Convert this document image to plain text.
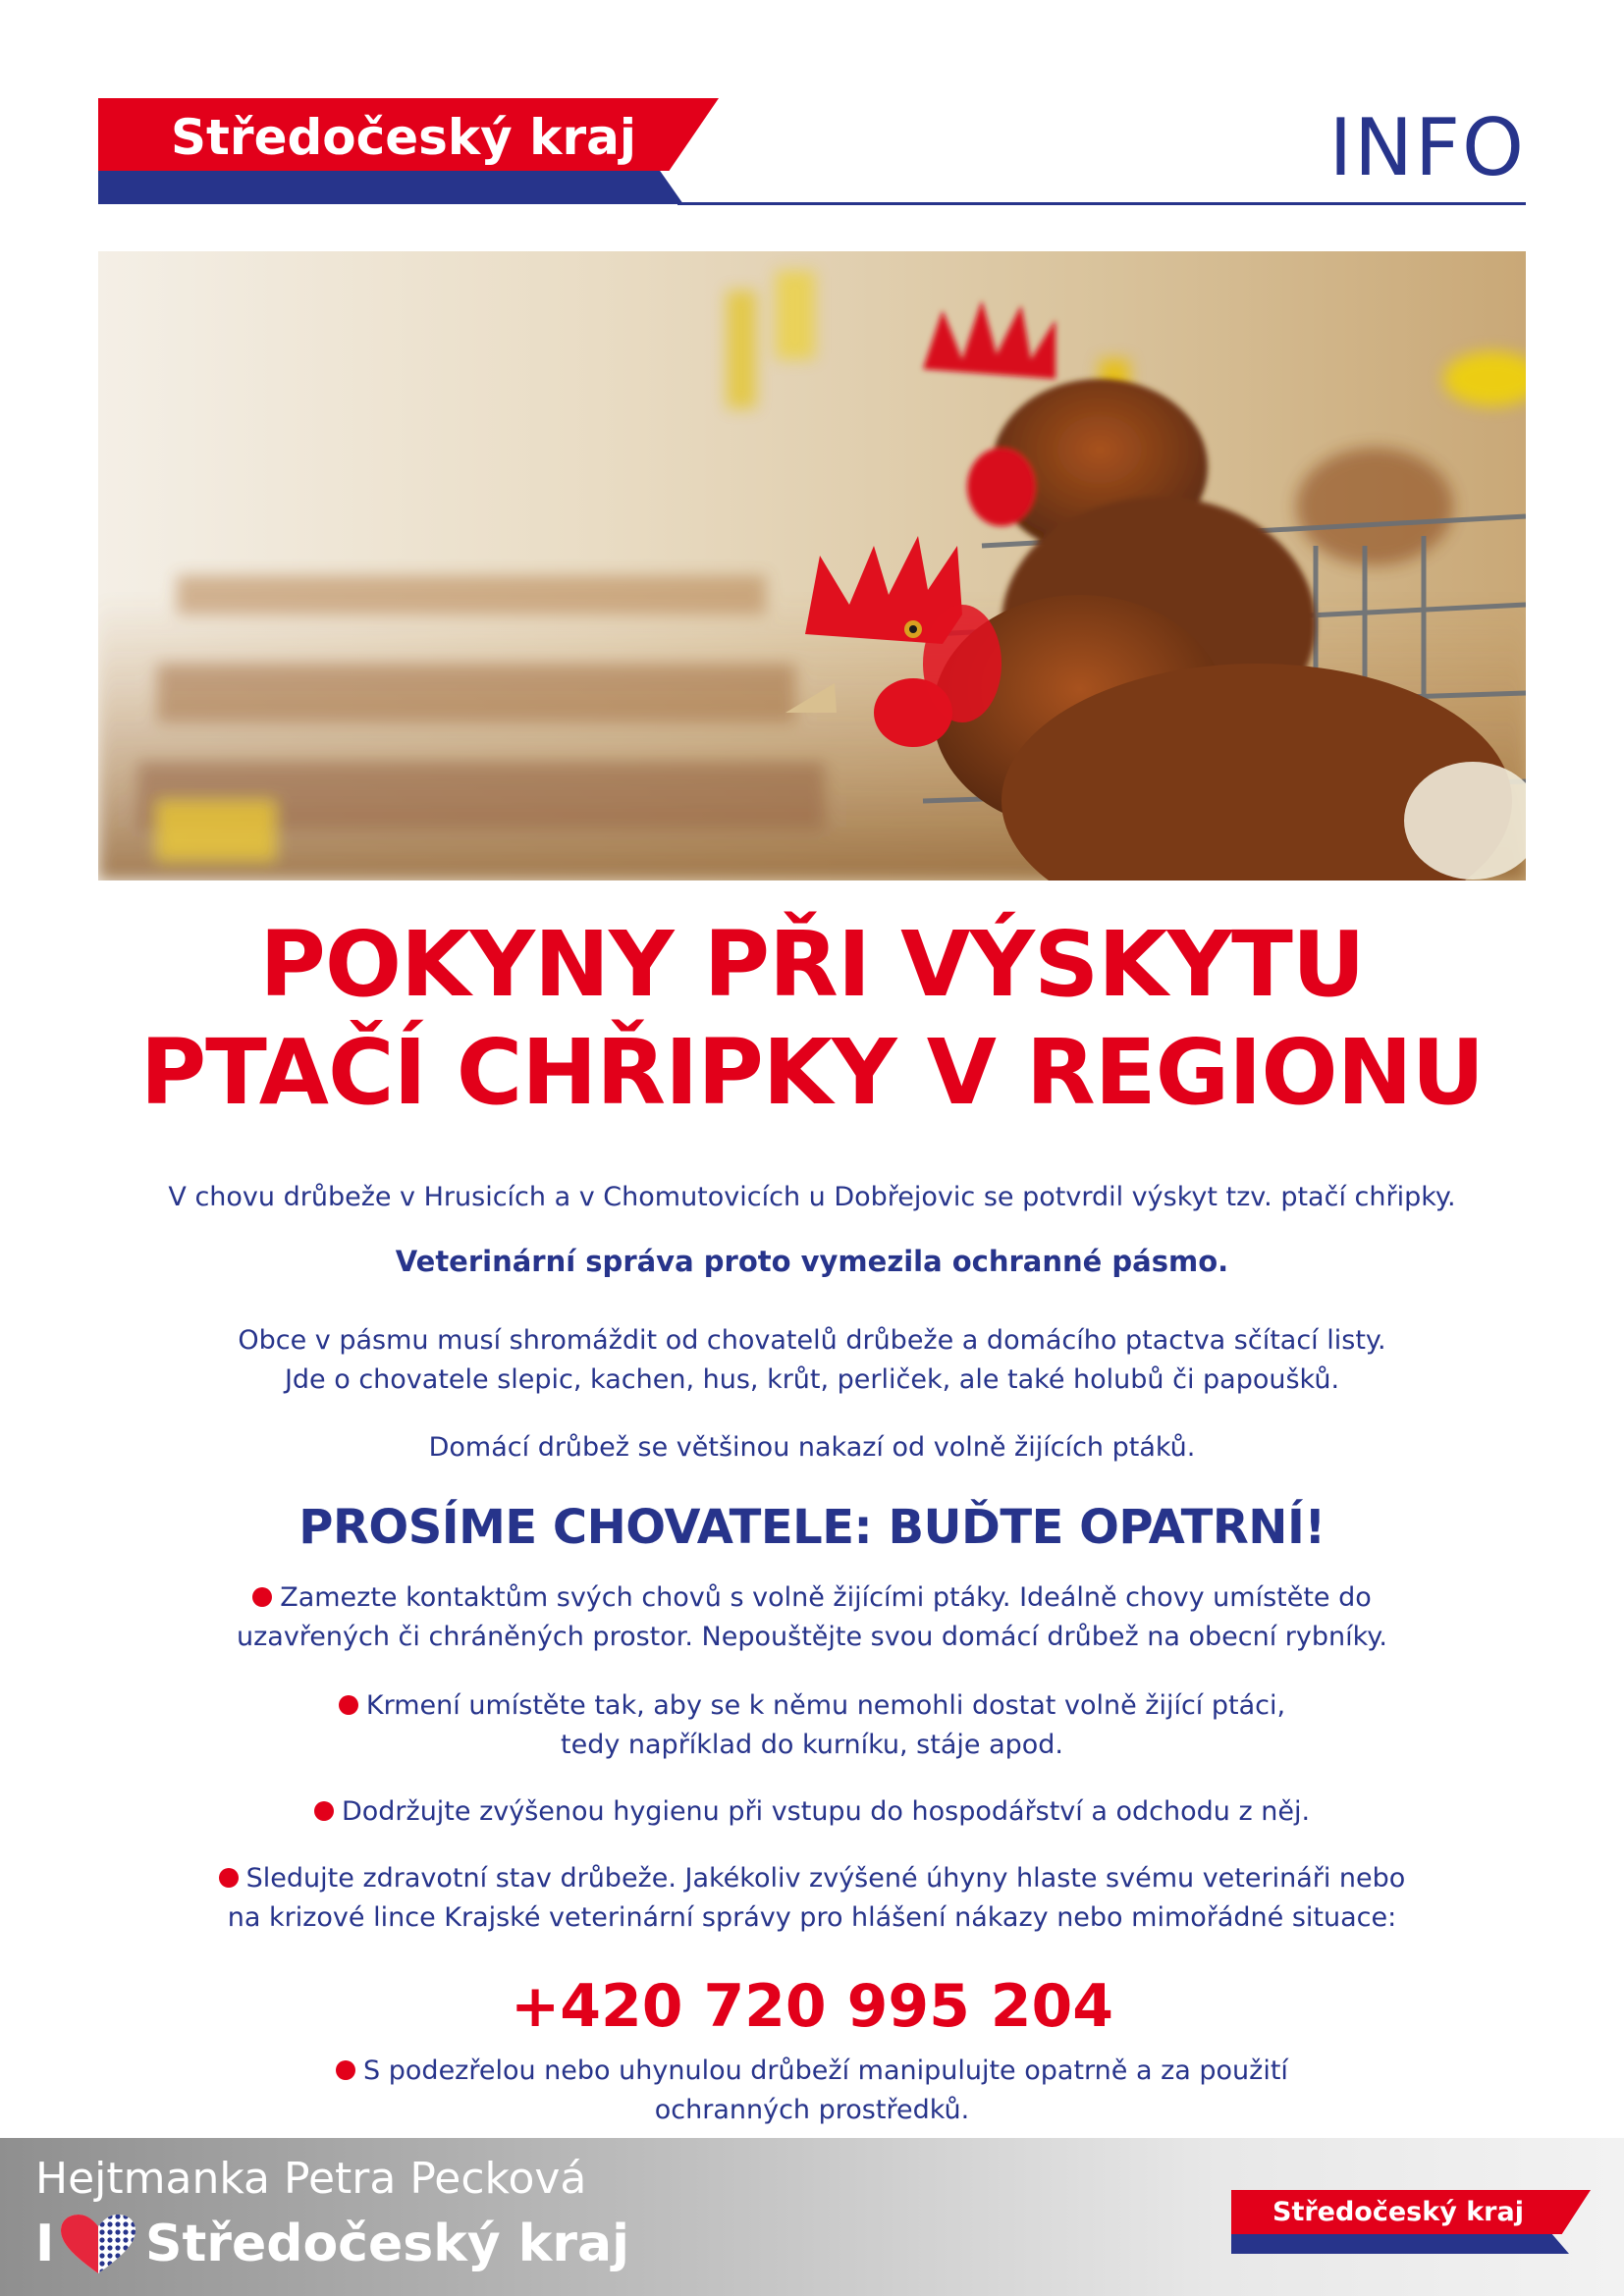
Středočeský kraj	INFO
POKYNY PŘI VÝSKYTU
PTAČÍ CHŘIPKY V REGIONU
V chovu drůbeže v Hrusicích a v Chomutovicích u Dobřejovic se potvrdil výskyt tzv. ptačí chřipky.
Veterinární správa proto vymezila ochranné pásmo.
Obce v pásmu musí shromáždit od chovatelů drůbeže a domácího ptactva sčítací listy.
Jde o chovatele slepic, kachen, hus, krůt, perliček, ale také holubů či papoušků.
Domácí drůbež se většinou nakazí od volně žijících ptáků.
PROSÍME CHOVATELE: BUĎTE OPATRNÍ!
Zamezte kontaktům svých chovů s volně žijícími ptáky. Ideálně chovy umístěte do
uzavřených či chráněných prostor. Nepouštějte svou domácí drůbež na obecní rybníky.
Krmení umístěte tak, aby se k němu nemohli dostat volně žijící ptáci,
tedy například do kurníku, stáje apod.
Dodržujte zvýšenou hygienu při vstupu do hospodářství a odchodu z něj.
Sledujte zdravotní stav drůbeže. Jakékoliv zvýšené úhyny hlaste svému veterináři nebo
na krizové lince Krajské veterinární správy pro hlášení nákazy nebo mimořádné situace:
+420 720 995 204
S podezřelou nebo uhynulou drůbeží manipulujte opatrně a za použití
ochranných prostředků.
Hejtmanka Petra Pecková
I Středočeský kraj
Středočeský kraj
